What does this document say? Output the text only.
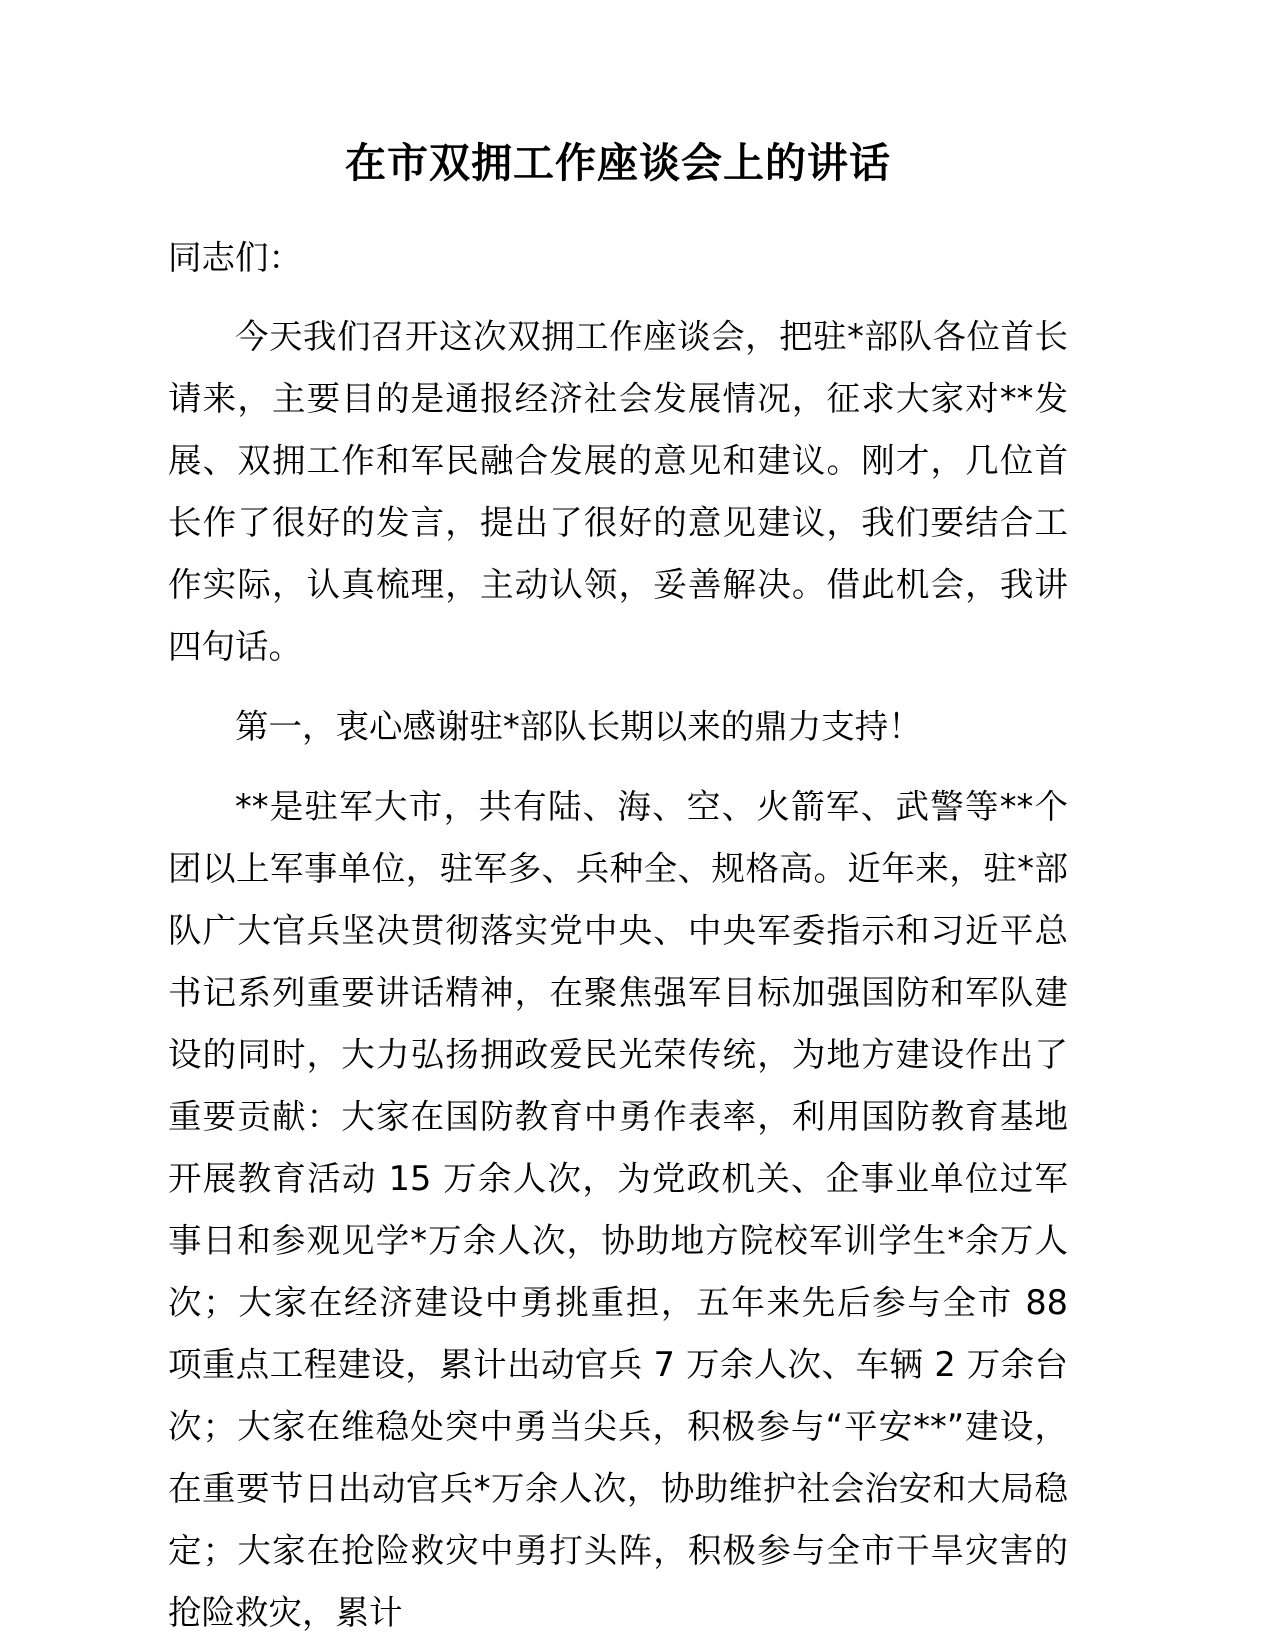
在市双拥工作座谈会上的讲话

同志们：

今天我们召开这次双拥工作座谈会，把驻*部队各位首长请来，主要目的是通报经济社会发展情况，征求大家对**发展、双拥工作和军民融合发展的意见和建议。刚才，几位首长作了很好的发言，提出了很好的意见建议，我们要结合工作实际，认真梳理，主动认领，妥善解决。借此机会，我讲四句话。

第一，衷心感谢驻*部队长期以来的鼎力支持！

**是驻军大市，共有陆、海、空、火箭军、武警等**个团以上军事单位，驻军多、兵种全、规格高。近年来，驻*部队广大官兵坚决贯彻落实党中央、中央军委指示和习近平总书记系列重要讲话精神，在聚焦强军目标加强国防和军队建设的同时，大力弘扬拥政爱民光荣传统，为地方建设作出了重要贡献：大家在国防教育中勇作表率，利用国防教育基地开展教育活动 15 万余人次，为党政机关、企事业单位过军事日和参观见学*万余人次，协助地方院校军训学生*余万人次；大家在经济建设中勇挑重担，五年来先后参与全市 88 项重点工程建设，累计出动官兵 7 万余人次、车辆 2 万余台次；大家在维稳处突中勇当尖兵，积极参与“平安**”建设，在重要节日出动官兵*万余人次，协助维护社会治安和大局稳定；大家在抢险救灾中勇打头阵，积极参与全市干旱灾害的抢险救灾，累计
